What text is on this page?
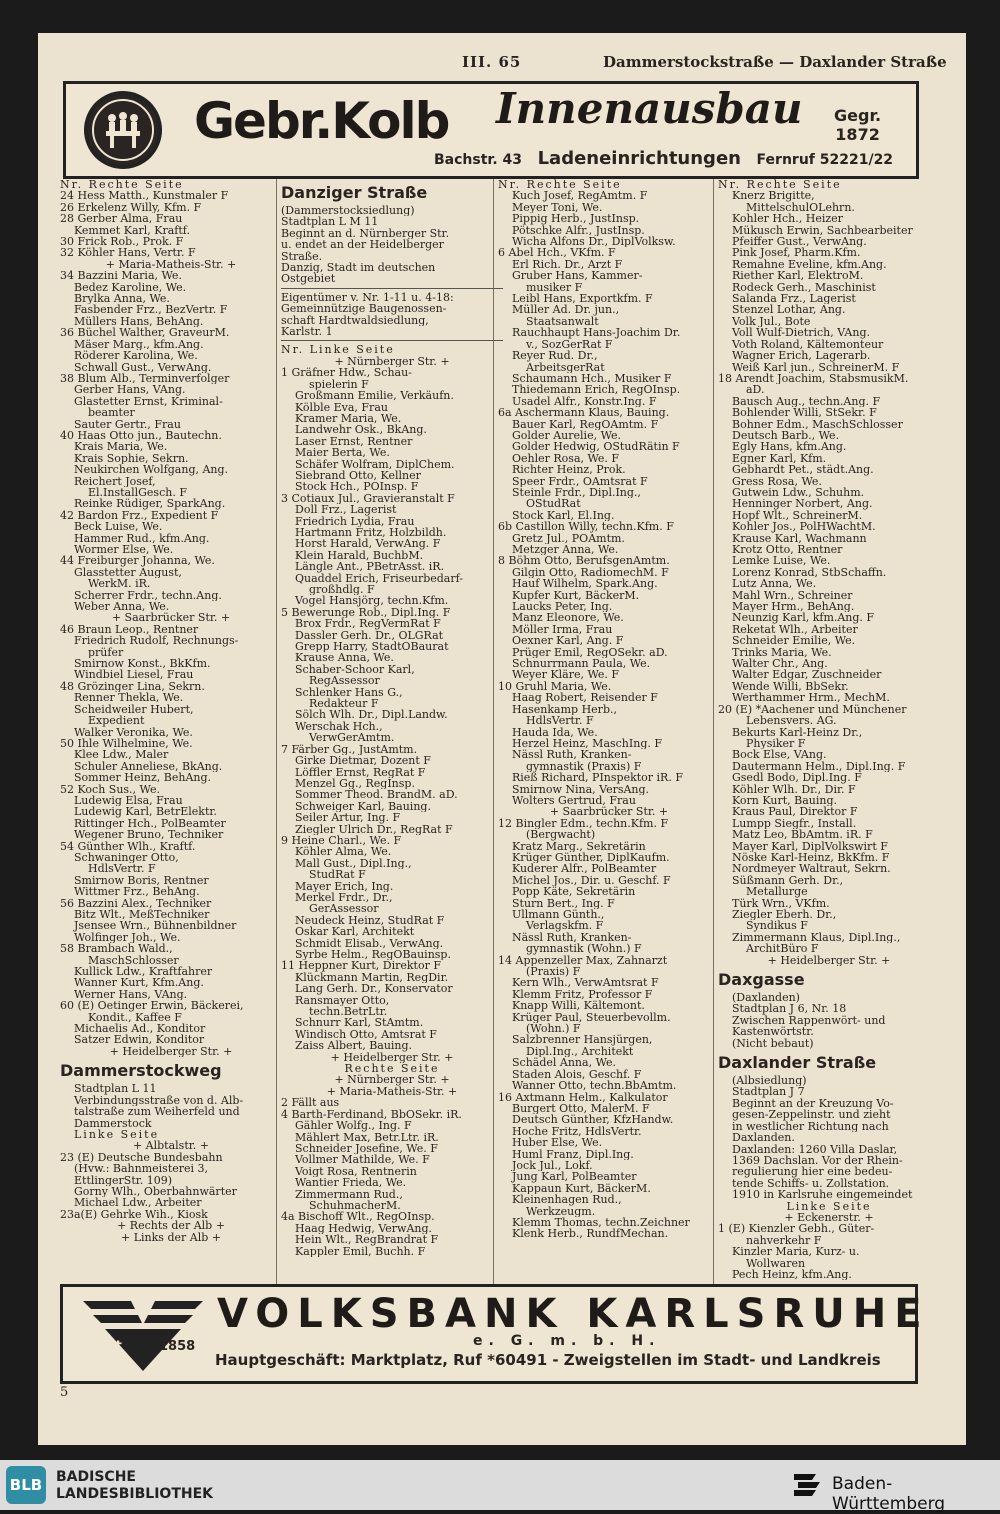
III. 65	Dammerstockstraße — Daxlander Straße
Gebr.Kolb Innenausbau Gegr.
1872
Bachstr. 43 Ladeneinrichtungen Fernruf 52221/22
Nr. Rechte Seite
24 Hess Matth., Kunstmaler F
26 Erkelenz Willy, Kfm. F
28 Gerber Alma, Frau
Kemmet Karl, Kraftf.
30 Frick Rob., Prok. F
32 Köhler Hans, Vertr. F
+ Maria-Matheis-Str. +
34 Bazzini Maria, We.
Bedez Karoline, We.
Brylka Anna, We.
Fasbender Frz., BezVertr. F
Müllers Hans, BehAng.
36 Büchel Walther, GraveurM.
Mäser Marg., kfm.Ang.
Röderer Karolina, We.
Schwall Gust., VerwAng.
38 Blum Alb., Terminverfolger
Gerber Hans, VAng.
Glastetter Ernst, Kriminal-
beamter
Sauter Gertr., Frau
40 Haas Otto jun., Bautechn.
Krais Maria, We.
Krais Sophie, Sekrn.
Neukirchen Wolfgang, Ang.
Reichert Josef,
El.InstallGesch. F
Reinke Rüdiger, SparkAng.
42 Bardon Frz., Expedient F
Beck Luise, We.
Hammer Rud., kfm.Ang.
Wormer Else, We.
44 Freiburger Johanna, We.
Glasstetter August,
WerkM. iR.
Scherrer Frdr., techn.Ang.
Weber Anna, We.
+ Saarbrücker Str. +
46 Braun Leop., Rentner
Friedrich Rudolf, Rechnungs-
prüfer
Smirnow Konst., BkKfm.
Windbiel Liesel, Frau
48 Grözinger Lina, Sekrn.
Renner Thekla, We.
Scheidweiler Hubert,
Expedient
Walker Veronika, We.
50 Ihle Wilhelmine, We.
Klee Ldw., Maler
Schuler Anneliese, BkAng.
Sommer Heinz, BehAng.
52 Koch Sus., We.
Ludewig Elsa, Frau
Ludewig Karl, BetrElektr.
Rittinger Hch., PolBeamter
Wegener Bruno, Techniker
54 Günther Wlh., Kraftf.
Schwaninger Otto,
HdlsVertr. F
Smirnow Boris, Rentner
Wittmer Frz., BehAng.
56 Bazzini Alex., Techniker
Bitz Wlt., MeßTechniker
Jsensee Wrn., Bühnenbildner
Wolfinger Joh., We.
58 Brambach Wald.,
MaschSchlosser
Kullick Ldw., Kraftfahrer
Wanner Kurt, Kfm.Ang.
Werner Hans, VAng.
60 (E) Oetinger Erwin, Bäckerei,
Kondit., Kaffee F
Michaelis Ad., Konditor
Satzer Edwin, Konditor
+ Heidelberger Str. +
Dammerstockweg
Stadtplan L 11
Verbindungsstraße von d. Alb-
talstraße zum Weiherfeld und
Dammerstock
Linke Seite
+ Albtalstr. +
23 (E) Deutsche Bundesbahn
(Hvw.: Bahnmeisterei 3,
EttlingerStr. 109)
Gorny Wlh., Oberbahnwärter
Michael Ldw., Arbeiter
23a(E) Gehrke Wih., Kiosk
+ Rechts der Alb +
+ Links der Alb +
Danziger Straße
(Dammerstocksiedlung)
Stadtplan L M 11
Beginnt an d. Nürnberger Str.
u. endet an der Heidelberger
Straße.
Danzig, Stadt im deutschen
Ostgebiet
Eigentümer v. Nr. 1-11 u. 4-18:
Gemeinnützige Baugenossen-
schaft Hardtwaldsiedlung,
Karlstr. 1
Nr. Linke Seite
+ Nürnberger Str. +
1 Gräfner Hdw., Schau-
spielerin F
Großmann Emilie, Verkäufn.
Kölble Eva, Frau
Kramer Maria, We.
Landwehr Osk., BkAng.
Laser Ernst, Rentner
Maier Berta, We.
Schäfer Wolfram, DiplChem.
Siebrand Otto, Kellner
Stock Hch., POInsp. F
3 Cotiaux Jul., Gravieranstalt F
Doll Frz., Lagerist
Friedrich Lydia, Frau
Hartmann Fritz, Holzbildh.
Horst Harald, VerwAng. F
Klein Harald, BuchbM.
Längle Ant., PBetrAsst. iR.
Quaddel Erich, Friseurbedarf-
großhdlg. F
Vogel Hansjörg, techn.Kfm.
5 Bewerunge Rob., Dipl.Ing. F
Brox Frdr., RegVermRat F
Dassler Gerh. Dr., OLGRat
Grepp Harry, StadtOBaurat
Krause Anna, We.
Schaber-Schoor Karl,
RegAssessor
Schlenker Hans G.,
Redakteur F
Sölch Wlh. Dr., Dipl.Landw.
Werschak Hch.,
VerwGerAmtm.
7 Färber Gg., JustAmtm.
Girke Dietmar, Dozent F
Löffler Ernst, RegRat F
Menzel Gg., RegInsp.
Sommer Theod. BrandM. aD.
Schweiger Karl, Bauing.
Seiler Artur, Ing. F
Ziegler Ulrich Dr., RegRat F
9 Heine Charl., We. F
Köhler Alma, We.
Mall Gust., Dipl.Ing.,
StudRat F
Mayer Erich, Ing.
Merkel Frdr., Dr.,
GerAssessor
Neudeck Heinz, StudRat F
Oskar Karl, Architekt
Schmidt Elisab., VerwAng.
Syrbe Helm., RegOBauinsp.
11 Heppner Kurt, Direktor F
Klückmann Martin, RegDir.
Lang Gerh. Dr., Konservator
Ransmayer Otto,
techn.BetrLtr.
Schnurr Karl, StAmtm.
Windisch Otto, Amtsrat F
Zaiss Albert, Bauing.
+ Heidelberger Str. +
Rechte Seite
+ Nürnberger Str. +
+ Maria-Matheis-Str. +
2 Fällt aus
4 Barth-Ferdinand, BbOSekr. iR.
Gähler Wolfg., Ing. F
Mählert Max, Betr.Ltr. iR.
Schneider Josefine, We. F
Vollmer Mathilde, We. F
Voigt Rosa, Rentnerin
Wantier Frieda, We.
Zimmermann Rud.,
SchuhmacherM.
4a Bischoff Wlt., RegOInsp.
Haag Hedwig, VerwAng.
Hein Wlt., RegBrandrat F
Kappler Emil, Buchh. F
Nr. Rechte Seite
Kuch Josef, RegAmtm. F
Meyer Toni, We.
Pippig Herb., JustInsp.
Pötschke Alfr., JustInsp.
Wicha Alfons Dr., DiplVolksw.
6 Abel Hch., VKfm. F
Erl Rich. Dr., Arzt F
Gruber Hans, Kammer-
musiker F
Leibl Hans, Exportkfm. F
Müller Ad. Dr. jun.,
Staatsanwalt
Rauchhaupt Hans-Joachim Dr.
v., SozGerRat F
Reyer Rud. Dr.,
ArbeitsgerRat
Schaumann Hch., Musiker F
Thiedemann Erich, RegOInsp.
Usadel Alfr., Konstr.Ing. F
6a Aschermann Klaus, Bauing.
Bauer Karl, RegOAmtm. F
Golder Aurelie, We.
Golder Hedwig, OStudRätin F
Oehler Rosa, We. F
Richter Heinz, Prok.
Speer Frdr., OAmtsrat F
Steinle Frdr., Dipl.Ing.,
OStudRat
Stock Karl, El.Ing.
6b Castillon Willy, techn.Kfm. F
Gretz Jul., POAmtm.
Metzger Anna, We.
8 Böhm Otto, BerufsgenAmtm.
Gilgin Otto, RadiomechM. F
Hauf Wilhelm, Spark.Ang.
Kupfer Kurt, BäckerM.
Laucks Peter, Ing.
Manz Eleonore, We.
Möller Irma, Frau
Oexner Karl, Ang. F
Prüger Emil, RegOSekr. aD.
Schnurrmann Paula, We.
Weyer Kläre, We. F
10 Gruhl Maria, We.
Haag Robert, Reisender F
Hasenkamp Herb.,
HdlsVertr. F
Hauda Ida, We.
Herzel Heinz, MaschIng. F
Nässl Ruth, Kranken-
gymnastik (Praxis) F
Rieß Richard, PInspektor iR. F
Smirnow Nina, VersAng.
Wolters Gertrud, Frau
+ Saarbrücker Str. +
12 Bingler Edm., techn.Kfm. F
(Bergwacht)
Kratz Marg., Sekretärin
Krüger Günther, DiplKaufm.
Kuderer Alfr., PolBeamter
Michel Jos., Dir. u. Geschf. F
Popp Käte, Sekretärin
Sturn Bert., Ing. F
Ullmann Günth.,
Verlagskfm. F
Nässl Ruth, Kranken-
gymnastik (Wohn.) F
14 Appenzeller Max, Zahnarzt
(Praxis) F
Kern Wlh., VerwAmtsrat F
Klemm Fritz, Professor F
Knapp Willi, Kältemont.
Krüger Paul, Steuerbevollm.
(Wohn.) F
Salzbrenner Hansjürgen,
Dipl.Ing., Architekt
Schädel Anna, We.
Staden Alois, Geschf. F
Wanner Otto, techn.BbAmtm.
16 Axtmann Helm., Kalkulator
Burgert Otto, MalerM. F
Deutsch Günther, KfzHandw.
Hoche Fritz, HdlsVertr.
Huber Else, We.
Huml Franz, Dipl.Ing.
Jock Jul., Lokf.
Jung Karl, PolBeamter
Kappaun Kurt, BäckerM.
Kleinenhagen Rud.,
Werkzeugm.
Klemm Thomas, techn.Zeichner
Klenk Herb., RundfMechan.
Nr. Rechte Seite
Knerz Brigitte,
MittelschulOLehrn.
Kohler Hch., Heizer
Mükusch Erwin, Sachbearbeiter
Pfeiffer Gust., VerwAng.
Pink Josef, Pharm.Kfm.
Remahne Eveline, kfm.Ang.
Riether Karl, ElektroM.
Rodeck Gerh., Maschinist
Salanda Frz., Lagerist
Stenzel Lothar, Ang.
Volk Jul., Bote
Voll Wulf-Dietrich, VAng.
Voth Roland, Kältemonteur
Wagner Erich, Lagerarb.
Weiß Karl jun., SchreinerM. F
18 Arendt Joachim, StabsmusikM.
aD.
Bausch Aug., techn.Ang. F
Bohlender Willi, StSekr. F
Bohner Edm., MaschSchlosser
Deutsch Barb., We.
Egly Hans, kfm.Ang.
Egner Karl, Kfm.
Gebhardt Pet., städt.Ang.
Gress Rosa, We.
Gutwein Ldw., Schuhm.
Henninger Norbert, Ang.
Hopf Wlt., SchreinerM.
Kohler Jos., PolHWachtM.
Krause Karl, Wachmann
Krotz Otto, Rentner
Lemke Luise, We.
Lorenz Konrad, StbSchaffn.
Lutz Anna, We.
Mahl Wrn., Schreiner
Mayer Hrm., BehAng.
Neunzig Karl, kfm.Ang. F
Reketat Wlh., Arbeiter
Schneider Emilie, We.
Trinks Maria, We.
Walter Chr., Ang.
Walter Edgar, Zuschneider
Wende Willi, BbSekr.
Werthammer Hrm., MechM.
20 (E) *Aachener und Münchener
Lebensvers. AG.
Bekurts Karl-Heinz Dr.,
Physiker F
Bock Else, VAng.
Dautermann Helm., Dipl.Ing. F
Gsedl Bodo, Dipl.Ing. F
Köhler Wlh. Dr., Dir. F
Korn Kurt, Bauing.
Kraus Paul, Direktor F
Lumpp Siegfr., Install.
Matz Leo, BbAmtm. iR. F
Mayer Karl, DiplVolkswirt F
Nöske Karl-Heinz, BkKfm. F
Nordmeyer Waltraut, Sekrn.
Süßmann Gerh. Dr.,
Metallurge
Türk Wrn., VKfm.
Ziegler Eberh. Dr.,
Syndikus F
Zimmermann Klaus, Dipl.Ing.,
ArchitBüro F
+ Heidelberger Str. +
Daxgasse
(Daxlanden)
Stadtplan J 6, Nr. 18
Zwischen Rappenwört- und
Kastenwörtstr.
(Nicht bebaut)
Daxlander Straße
(Albsiedlung)
Stadtplan J 7
Beginnt an der Kreuzung Vo-
gesen-Zeppelinstr. und zieht
in westlicher Richtung nach
Daxlanden.
Daxlanden: 1260 Villa Daslar,
1369 Dachslan. Vor der Rhein-
regulierung hier eine bedeu-
tende Schiffs- u. Zollstation.
1910 in Karlsruhe eingemeindet
Linke Seite
+ Eckenerstr. +
1 (E) Kienzler Gebh., Güter-
nahverkehr F
Kinzler Maria, Kurz- u.
Wollwaren
Pech Heinz, kfm.Ang.
Seit	1858
VOLKSBANK KARLSRUHE
e. G. m. b. H.
Hauptgeschäft: Marktplatz, Ruf *60491 - Zweigstellen im Stadt- und Landkreis
5
BLB BADISCHE
LANDESBIBLIOTHEK	Baden-Württemberg
